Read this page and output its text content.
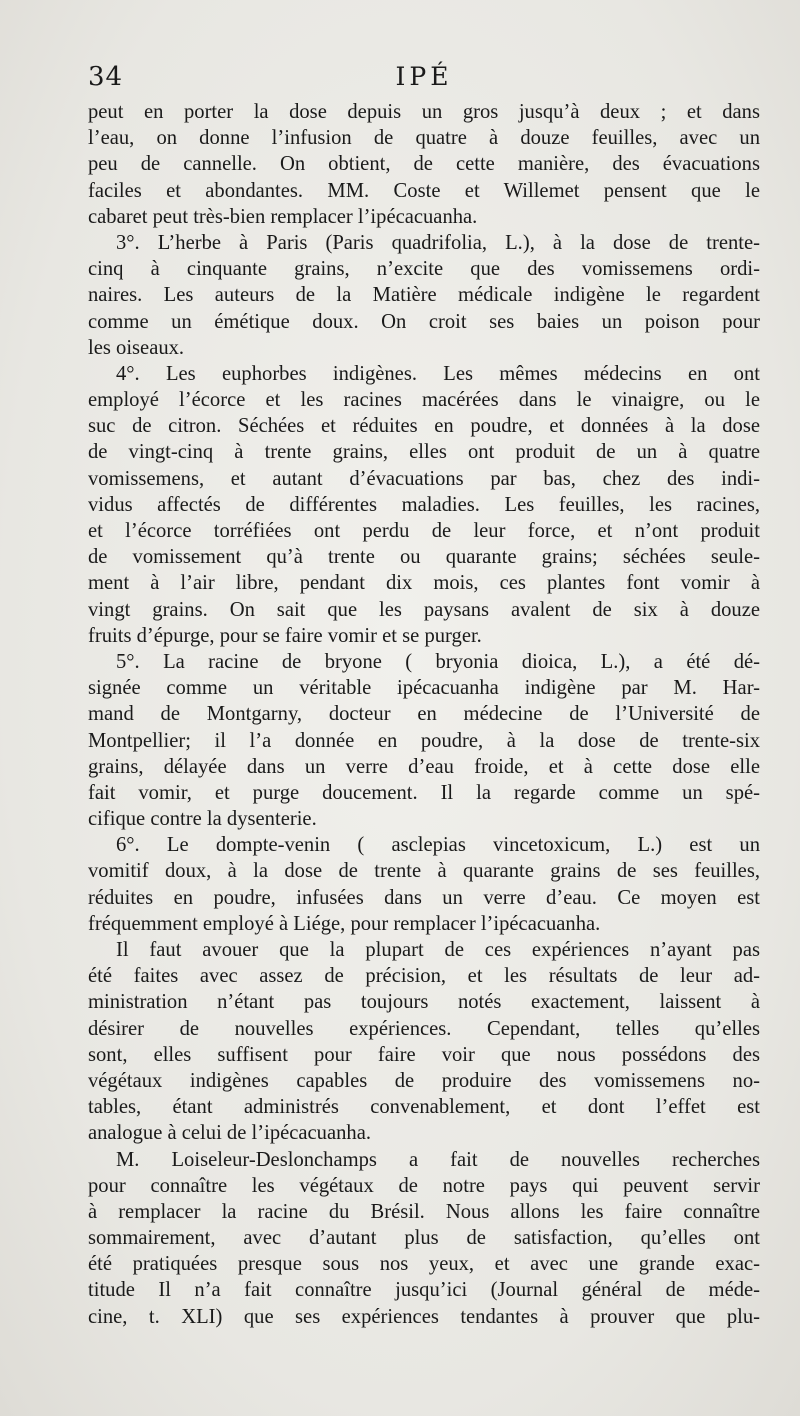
34	IPÉ
peut en porter la dose depuis un gros jusqu’à deux ; et dans
l’eau, on donne l’infusion de quatre à douze feuilles, avec un
peu de cannelle. On obtient, de cette manière, des évacuations
faciles et abondantes. MM. Coste et Willemet pensent que le
cabaret peut très-bien remplacer l’ipécacuanha.
3°. L’herbe à Paris (Paris quadrifolia, L.), à la dose de trente-
cinq à cinquante grains, n’excite que des vomissemens ordi-
naires. Les auteurs de la Matière médicale indigène le regardent
comme un émétique doux. On croit ses baies un poison pour
les oiseaux.
4°. Les euphorbes indigènes. Les mêmes médecins en ont
employé l’écorce et les racines macérées dans le vinaigre, ou le
suc de citron. Séchées et réduites en poudre, et données à la dose
de vingt-cinq à trente grains, elles ont produit de un à quatre
vomissemens, et autant d’évacuations par bas, chez des indi-
vidus affectés de différentes maladies. Les feuilles, les racines,
et l’écorce torréfiées ont perdu de leur force, et n’ont produit
de vomissement qu’à trente ou quarante grains; séchées seule-
ment à l’air libre, pendant dix mois, ces plantes font vomir à
vingt grains. On sait que les paysans avalent de six à douze
fruits d’épurge, pour se faire vomir et se purger.
5°. La racine de bryone ( bryonia dioica, L.), a été dé-
signée comme un véritable ipécacuanha indigène par M. Har-
mand de Montgarny, docteur en médecine de l’Université de
Montpellier; il l’a donnée en poudre, à la dose de trente-six
grains, délayée dans un verre d’eau froide, et à cette dose elle
fait vomir, et purge doucement. Il la regarde comme un spé-
cifique contre la dysenterie.
6°. Le dompte-venin ( asclepias vincetoxicum, L.) est un
vomitif doux, à la dose de trente à quarante grains de ses feuilles,
réduites en poudre, infusées dans un verre d’eau. Ce moyen est
fréquemment employé à Liége, pour remplacer l’ipécacuanha.
Il faut avouer que la plupart de ces expériences n’ayant pas
été faites avec assez de précision, et les résultats de leur ad-
ministration n’étant pas toujours notés exactement, laissent à
désirer de nouvelles expériences. Cependant, telles qu’elles
sont, elles suffisent pour faire voir que nous possédons des
végétaux indigènes capables de produire des vomissemens no-
tables, étant administrés convenablement, et dont l’effet est
analogue à celui de l’ipécacuanha.
M. Loiseleur-Deslonchamps a fait de nouvelles recherches
pour connaître les végétaux de notre pays qui peuvent servir
à remplacer la racine du Brésil. Nous allons les faire connaître
sommairement, avec d’autant plus de satisfaction, qu’elles ont
été pratiquées presque sous nos yeux, et avec une grande exac-
titude Il n’a fait connaître jusqu’ici (Journal général de méde-
cine, t. XLI) que ses expériences tendantes à prouver que plu-
